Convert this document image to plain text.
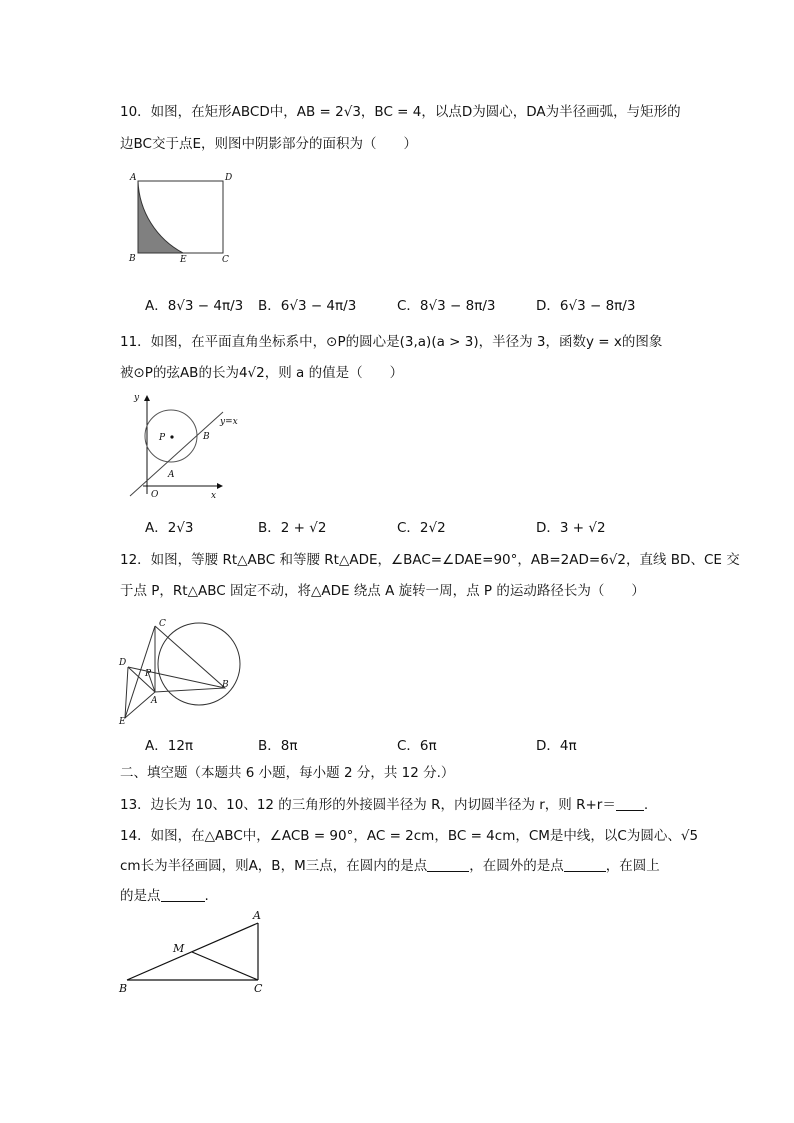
10．如图，在矩形ABCD中，AB = 2√3，BC = 4，以点D为圆心，DA为半径画弧，与矩形的
边BC交于点E，则图中阴影部分的面积为（　　）
A	D
B	E	C
A．8√3 − 4π/3 B．6√3 − 4π/3	C．8√3 − 8π/3	D．6√3 − 8π/3
11．如图，在平面直角坐标系中，⊙P的圆心是(3,a)(a > 3)，半径为 3，函数y = x的图象
被⊙P的弦AB的长为4√2，则 a 的值是（　　）
y
x
O
P
A
B
y=x
A．2√3	B．2 + √2	C．2√2	D．3 + √2
12．如图，等腰 Rt△ABC 和等腰 Rt△ADE，∠BAC=∠DAE=90°，AB=2AD=6√2，直线 BD、CE 交
于点 P，Rt△ABC 固定不动，将△ADE 绕点 A 旋转一周，点 P 的运动路径长为（　　）
C
D
P
A
B
E
A．12π	B．8π	C．6π	D．4π
二、填空题（本题共 6 小题，每小题 2 分，共 12 分.）
13．边长为 10、10、12 的三角形的外接圆半径为 R，内切圆半径为 r，则 R+r＝ .
14．如图，在△ABC中，∠ACB = 90°，AC = 2cm，BC = 4cm，CM是中线，以C为圆心、√5
cm长为半径画圆，则A，B，M三点，在圆内的是点	，在圆外的是点	，在圆上
的是点	.
A
M
B	C
